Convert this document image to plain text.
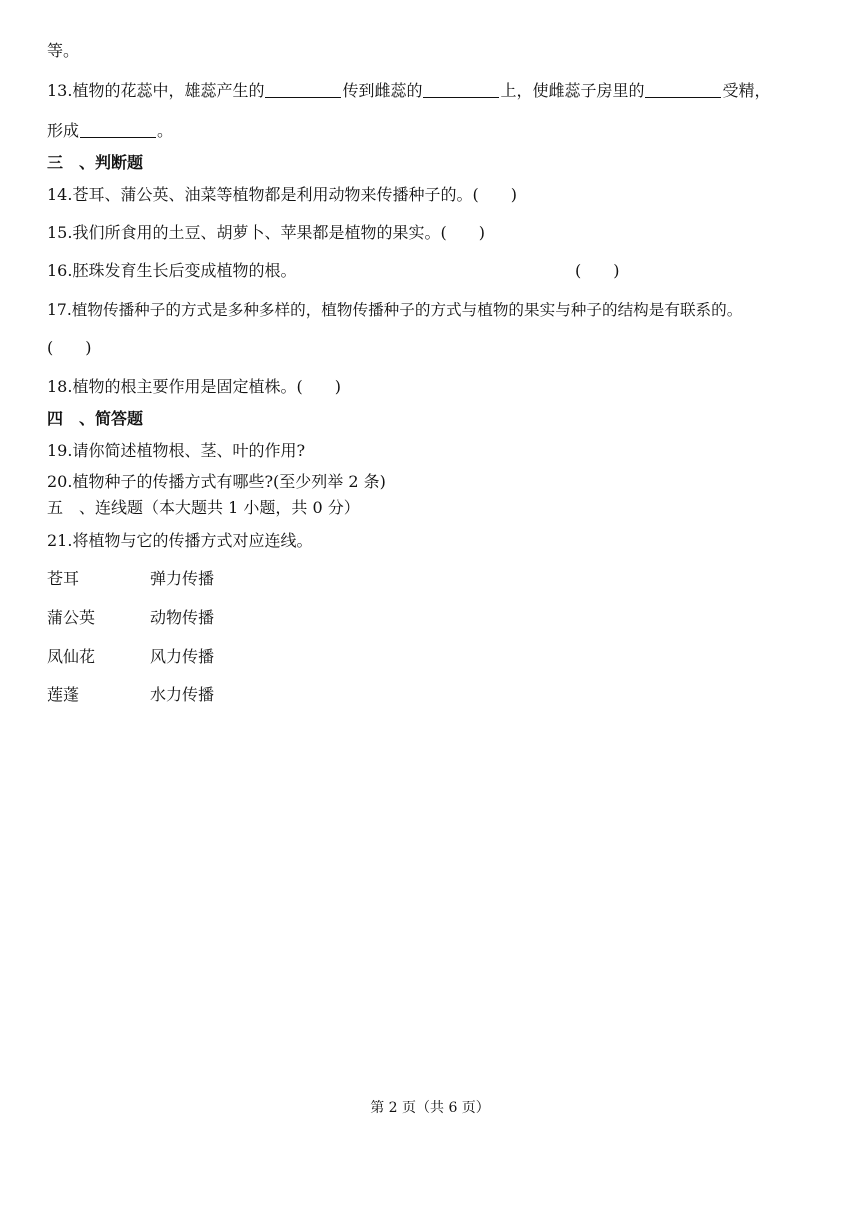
等。
13.植物的花蕊中，雄蕊产生的	传到雌蕊的	上，使雌蕊子房里的	受精，
形成	。
三　、判断题
14.苍耳、蒲公英、油菜等植物都是利用动物来传播种子的。(　　)
15.我们所食用的土豆、胡萝卜、苹果都是植物的果实。(　　)
16.胚珠发育生长后变成植物的根。	(　　)
17.植物传播种子的方式是多种多样的，植物传播种子的方式与植物的果实与种子的结构是有联系的。
(　　)
18.植物的根主要作用是固定植株。(　　)
四　、简答题
19.请你简述植物根、茎、叶的作用?
20.植物种子的传播方式有哪些?(至少列举 2 条)
五　、连线题（本大题共 1 小题，共 0 分）
21.将植物与它的传播方式对应连线。
苍耳	弹力传播
蒲公英	动物传播
凤仙花	风力传播
莲蓬	水力传播
第 2 页（共 6 页）
